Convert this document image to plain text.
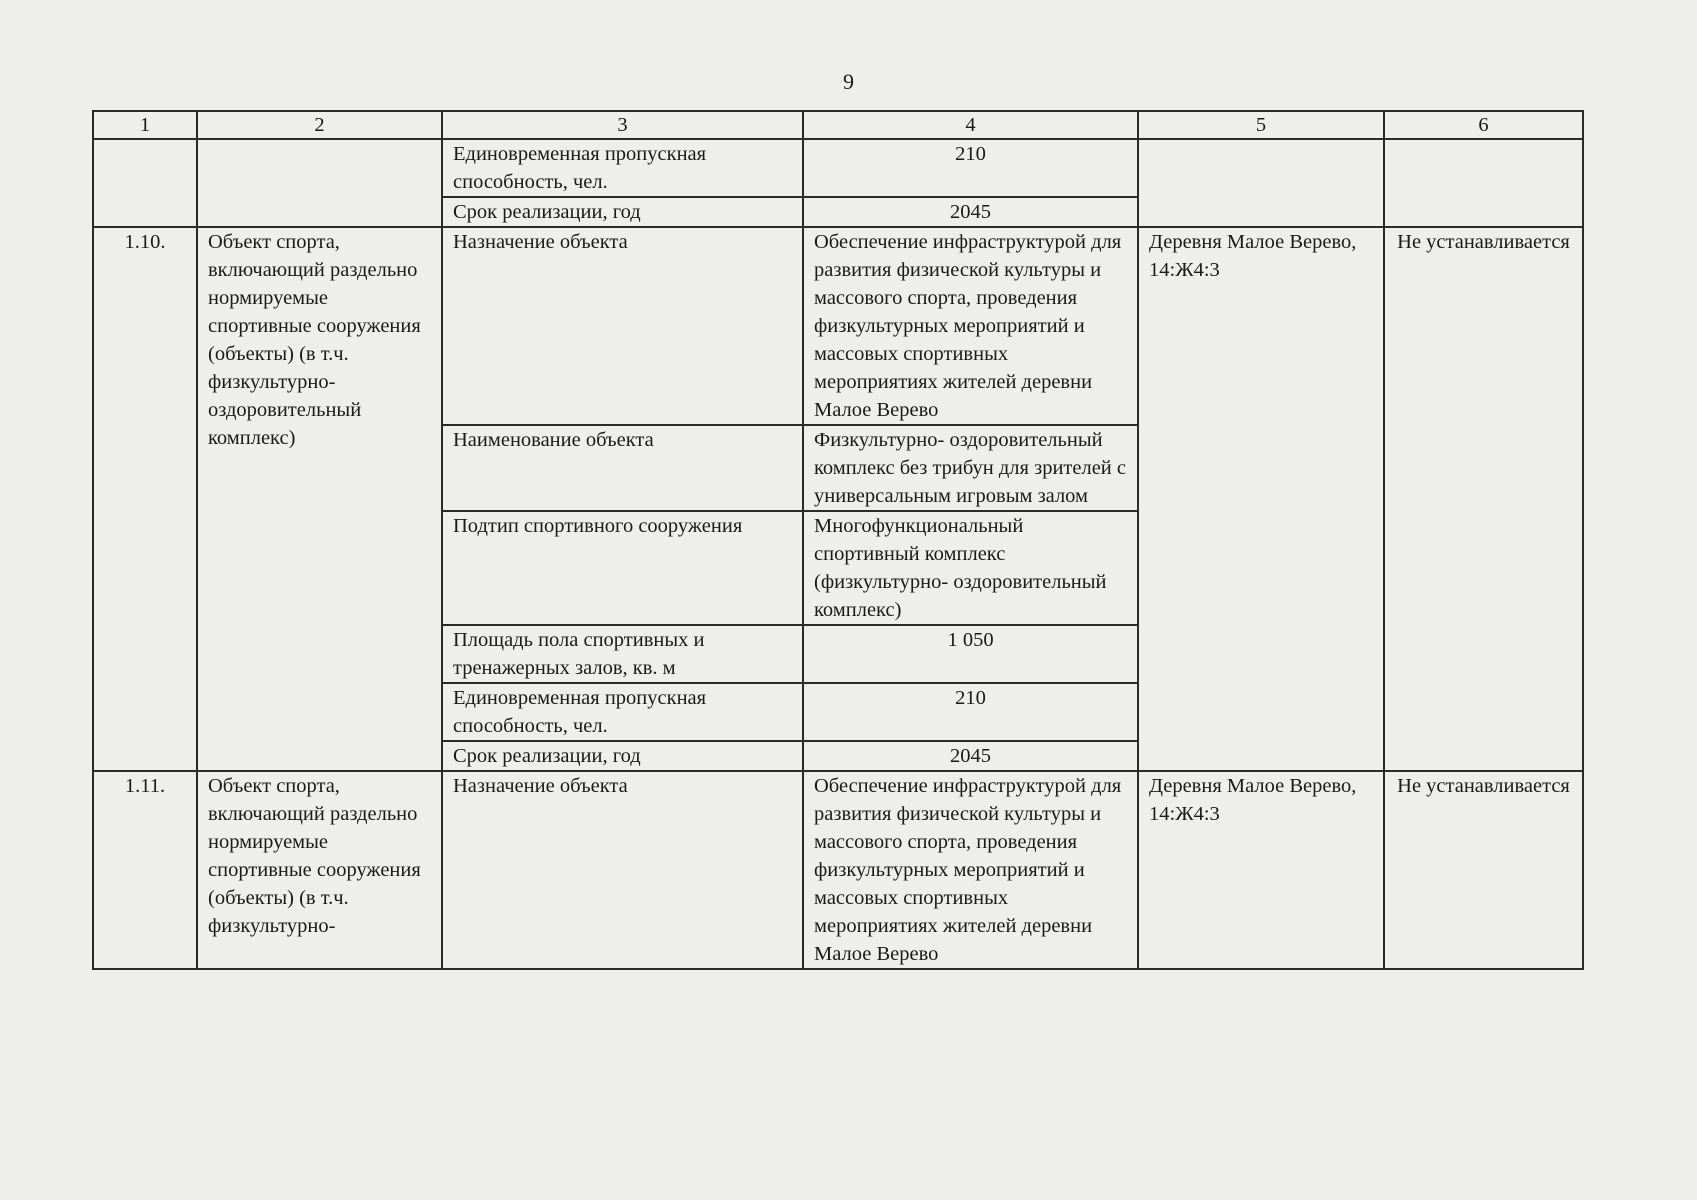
9
1	2	3	4	5	6
		Единовременная пропускная способность, чел.	210		
		Срок реализации, год	2045		
1.10.	Объект спорта, включающий раздельно нормируемые спортивные сооружения (объекты) (в т.ч. физкультурно- оздоровительный комплекс)	Назначение объекта	Обеспечение инфраструктурой для развития физической культуры и массового спорта, проведения физкультурных мероприятий и массовых спортивных мероприятиях жителей деревни Малое Верево	Деревня Малое Верево, 14:Ж4:3	Не устанавливается
		Наименование объекта	Физкультурно- оздоровительный комплекс без трибун для зрителей с универсальным игровым залом		
		Подтип спортивного сооружения	Многофункциональный спортивный комплекс (физкультурно- оздоровительный комплекс)		
		Площадь пола спортивных и тренажерных залов, кв. м	1 050		
		Единовременная пропускная способность, чел.	210		
		Срок реализации, год	2045		
1.11.	Объект спорта, включающий раздельно нормируемые спортивные сооружения (объекты) (в т.ч. физкультурно-	Назначение объекта	Обеспечение инфраструктурой для развития физической культуры и массового спорта, проведения физкультурных мероприятий и массовых спортивных мероприятиях жителей деревни Малое Верево	Деревня Малое Верево, 14:Ж4:3	Не устанавливается
